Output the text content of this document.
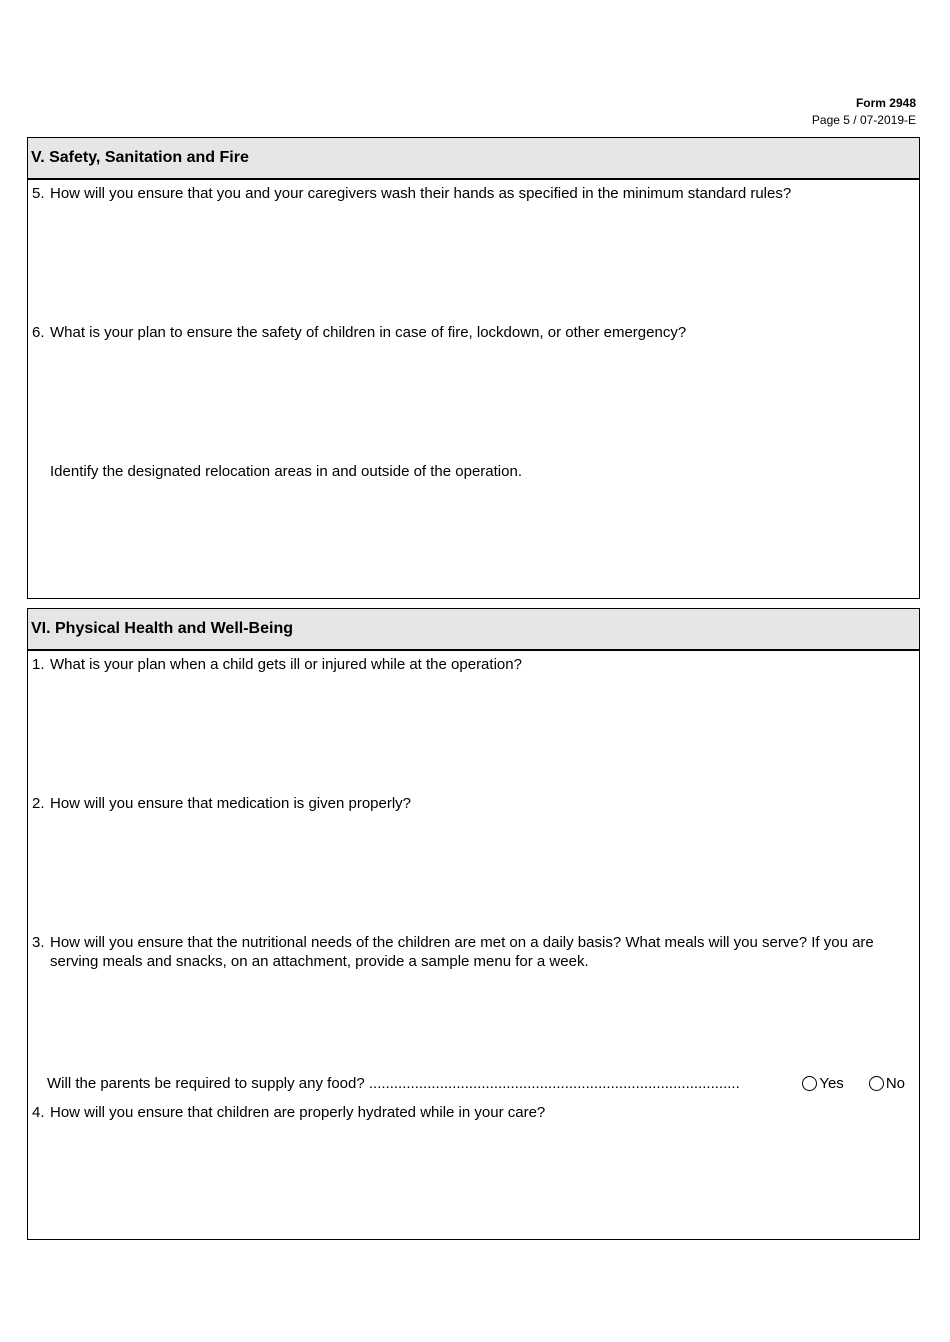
Form 2948
Page 5 / 07-2019-E
V. Safety, Sanitation and Fire
5. How will you ensure that you and your caregivers wash their hands as specified in the minimum standard rules?
6. What is your plan to ensure the safety of children in case of fire, lockdown, or other emergency?
Identify the designated relocation areas in and outside of the operation.
VI. Physical Health and Well-Being
1. What is your plan when a child gets ill or injured while at the operation?
2. How will you ensure that medication is given properly?
3. How will you ensure that the nutritional needs of the children are met on a daily basis? What meals will you serve? If you are serving meals and snacks, on an attachment, provide a sample menu for a week.
Will the parents be required to supply any food? .........................................................................................	Yes	No
4. How will you ensure that children are properly hydrated while in your care?
